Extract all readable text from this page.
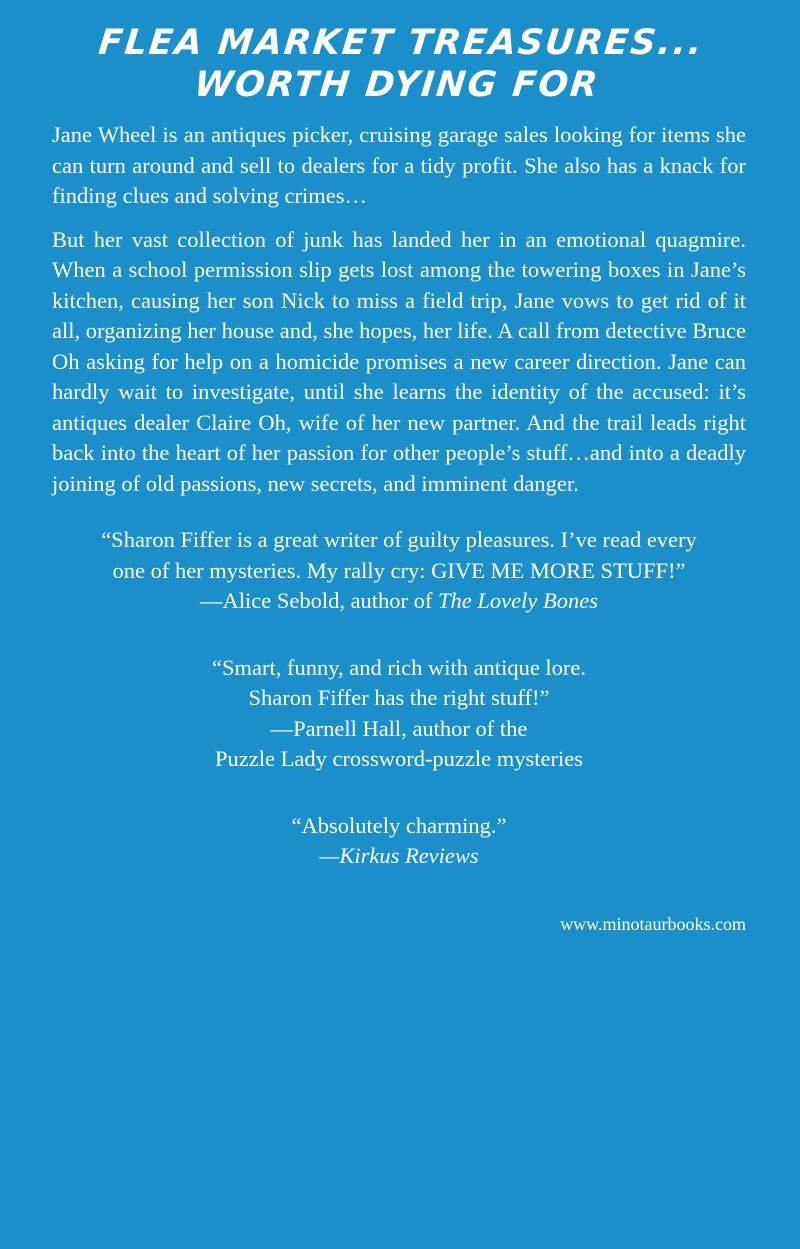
FLEA MARKET TREASURES...
WORTH DYING FOR

Jane Wheel is an antiques picker, cruising garage sales looking for items she can turn around and sell to dealers for a tidy profit. She also has a knack for finding clues and solving crimes…

But her vast collection of junk has landed her in an emotional quagmire. When a school permission slip gets lost among the towering boxes in Jane’s kitchen, causing her son Nick to miss a field trip, Jane vows to get rid of it all, organizing her house and, she hopes, her life. A call from detective Bruce Oh asking for help on a homicide promises a new career direction. Jane can hardly wait to investigate, until she learns the identity of the accused: it’s antiques dealer Claire Oh, wife of her new partner. And the trail leads right back into the heart of her passion for other people’s stuff…and into a deadly joining of old passions, new secrets, and imminent danger.

“Sharon Fiffer is a great writer of guilty pleasures. I’ve read every

one of her mysteries. My rally cry: GIVE ME MORE STUFF!”

—Alice Sebold, author of The Lovely Bones

“Smart, funny, and rich with antique lore.

Sharon Fiffer has the right stuff!”

—Parnell Hall, author of the

Puzzle Lady crossword-puzzle mysteries

“Absolutely charming.”

—Kirkus Reviews

www.minotaurbooks.com
